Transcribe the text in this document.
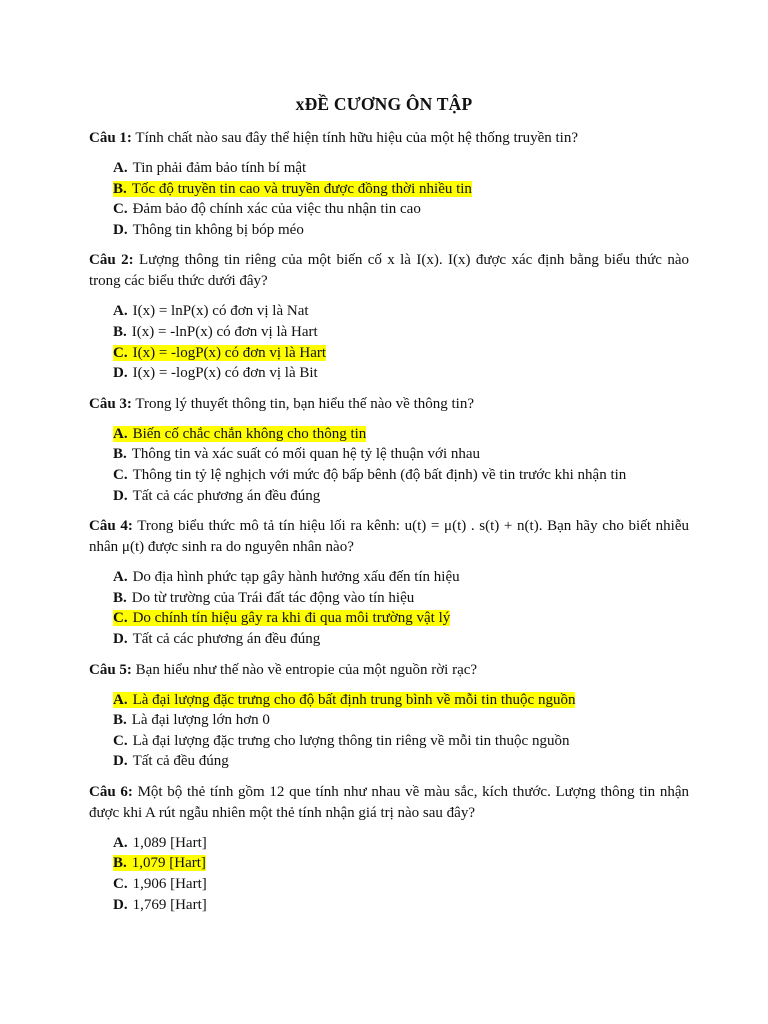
xĐỀ CƯƠNG ÔN TẬP

Câu 1: Tính chất nào sau đây thể hiện tính hữu hiệu của một hệ thống truyền tin?

A. Tin phải đảm bảo tính bí mật
B. Tốc độ truyền tin cao và truyền được đồng thời nhiều tin
C. Đảm bảo độ chính xác của việc thu nhận tin cao
D. Thông tin không bị bóp méo

Câu 2: Lượng thông tin riêng của một biến cố x là I(x). I(x) được xác định bằng biểu thức nào trong các biểu thức dưới đây?

A. I(x) = lnP(x) có đơn vị là Nat
B. I(x) = -lnP(x) có đơn vị là Hart
C. I(x) = -logP(x) có đơn vị là Hart
D. I(x) = -logP(x) có đơn vị là Bit

Câu 3: Trong lý thuyết thông tin, bạn hiểu thế nào về thông tin?

A. Biến cố chắc chắn không cho thông tin
B. Thông tin và xác suất có mối quan hệ tỷ lệ thuận với nhau
C. Thông tin tỷ lệ nghịch với mức độ bấp bênh (độ bất định) về tin trước khi nhận tin
D. Tất cả các phương án đều đúng

Câu 4: Trong biểu thức mô tả tín hiệu lối ra kênh: u(t) = μ(t) . s(t) + n(t). Bạn hãy cho biết nhiễu nhân μ(t) được sinh ra do nguyên nhân nào?

A. Do địa hình phức tạp gây hành hưởng xấu đến tín hiệu
B. Do từ trường của Trái đất tác động vào tín hiệu
C. Do chính tín hiệu gây ra khi đi qua môi trường vật lý
D. Tất cả các phương án đều đúng

Câu 5: Bạn hiểu như thế nào về entropie của một nguồn rời rạc?

A. Là đại lượng đặc trưng cho độ bất định trung bình về mỗi tin thuộc nguồn
B. Là đại lượng lớn hơn 0
C. Là đại lượng đặc trưng cho lượng thông tin riêng về mỗi tin thuộc nguồn
D. Tất cả đều đúng

Câu 6: Một bộ thẻ tính gồm 12 que tính như nhau về màu sắc, kích thước. Lượng thông tin nhận được khi A rút ngẫu nhiên một thẻ tính nhận giá trị nào sau đây?

A. 1,089 [Hart]
B. 1,079 [Hart]
C. 1,906 [Hart]
D. 1,769 [Hart]
